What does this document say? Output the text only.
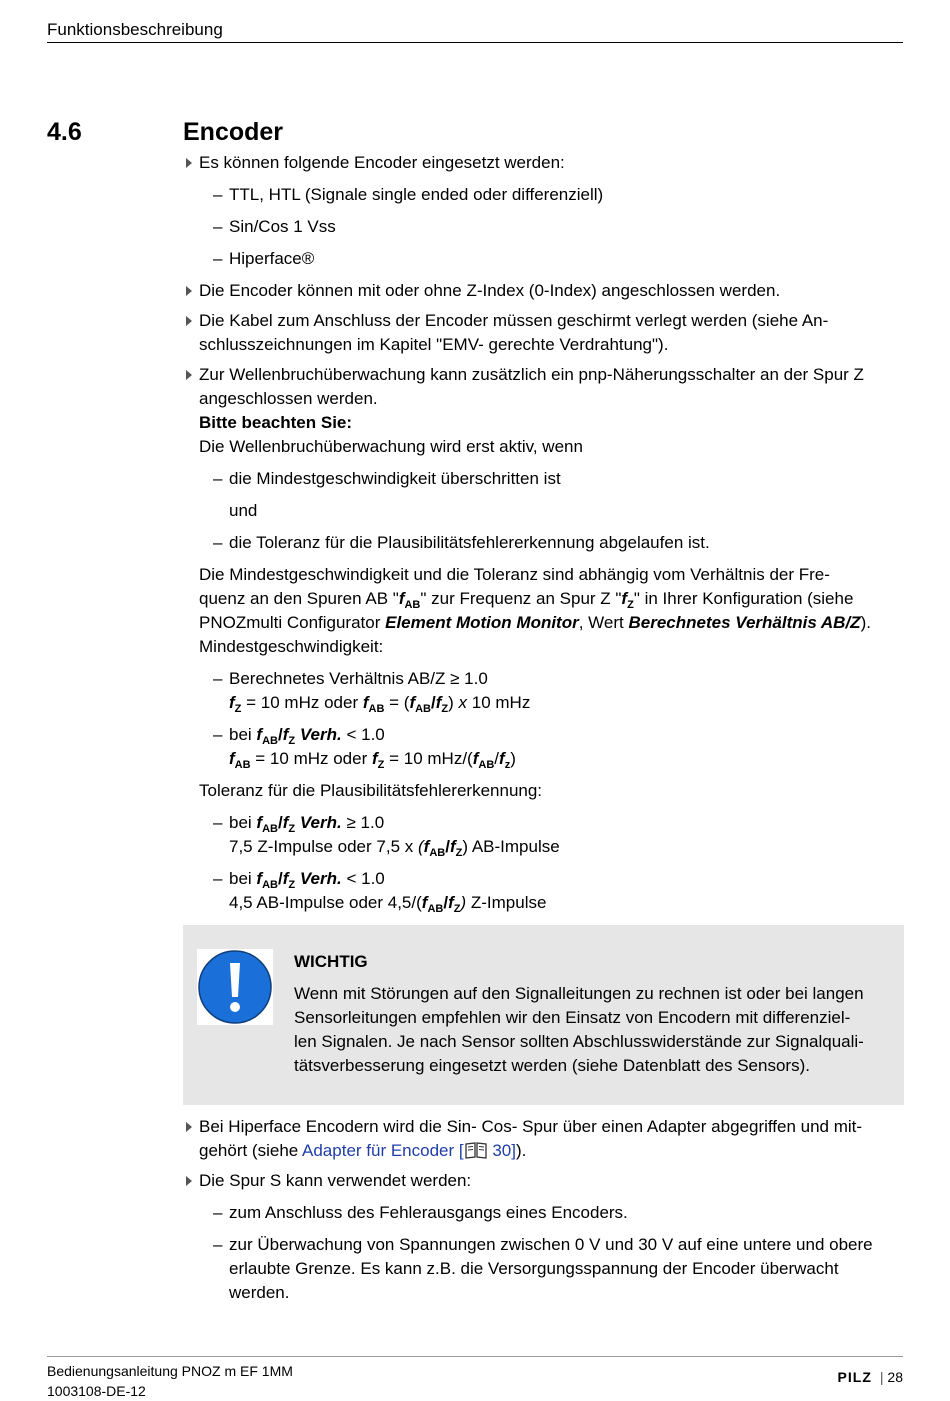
Funktionsbeschreibung
4.6	Encoder
Es können folgende Encoder eingesetzt werden:
– TTL, HTL (Signale single ended oder differenziell)
– Sin/Cos 1 Vss
– Hiperface®
Die Encoder können mit oder ohne Z-Index (0-Index) angeschlossen werden.
Die Kabel zum Anschluss der Encoder müssen geschirmt verlegt werden (siehe An-
schlusszeichnungen im Kapitel "EMV- gerechte Verdrahtung").
Zur Wellenbruchüberwachung kann zusätzlich ein pnp-Näherungsschalter an der Spur Z
angeschlossen werden.
Bitte beachten Sie:
Die Wellenbruchüberwachung wird erst aktiv, wenn
– die Mindestgeschwindigkeit überschritten ist
und
– die Toleranz für die Plausibilitätsfehlererkennung abgelaufen ist.
Die Mindestgeschwindigkeit und die Toleranz sind abhängig vom Verhältnis der Fre-
quenz an den Spuren AB "$f_{AB}$" zur Frequenz an Spur Z "$f_Z$" in Ihrer Konfiguration (siehe
PNOZmulti Configurator Element Motion Monitor, Wert Berechnetes Verhältnis AB/Z).
Mindestgeschwindigkeit:
– Berechnetes Verhältnis AB/Z ≥ 1.0
$f_Z = 10$ mHz oder $f_{AB} = (f_{AB}/f_Z)$ x 10 mHz
– bei $f_{AB}/f_Z$ Verh. < 1.0
$f_{AB} = 10$ mHz oder $f_Z = 10$ mHz/$(f_{AB}/f_z)$
Toleranz für die Plausibilitätsfehlererkennung:
– bei $f_{AB}/f_Z$ Verh. ≥ 1.0
7,5 Z-Impulse oder 7,5 x $(f_{AB}/f_Z)$ AB-Impulse
– bei $f_{AB}/f_Z$ Verh. < 1.0
4,5 AB-Impulse oder $4,5/(f_{AB}/f_Z)$ Z-Impulse
WICHTIG
Wenn mit Störungen auf den Signalleitungen zu rechnen ist oder bei langen
Sensorleitungen empfehlen wir den Einsatz von Encodern mit differenziel-
len Signalen. Je nach Sensor sollten Abschlusswiderstände zur Signalquali-
tätsverbesserung eingesetzt werden (siehe Datenblatt des Sensors).
Bei Hiperface Encodern wird die Sin- Cos- Spur über einen Adapter abgegriffen und mit-
gehört (siehe Adapter für Encoder [ 30]).
Die Spur S kann verwendet werden:
– zum Anschluss des Fehlerausgangs eines Encoders.
– zur Überwachung von Spannungen zwischen 0 V und 30 V auf eine untere und obere
erlaubte Grenze. Es kann z.B. die Versorgungsspannung der Encoder überwacht
werden.
Bedienungsanleitung PNOZ m EF 1MM
1003108-DE-12
PILZ | 28
